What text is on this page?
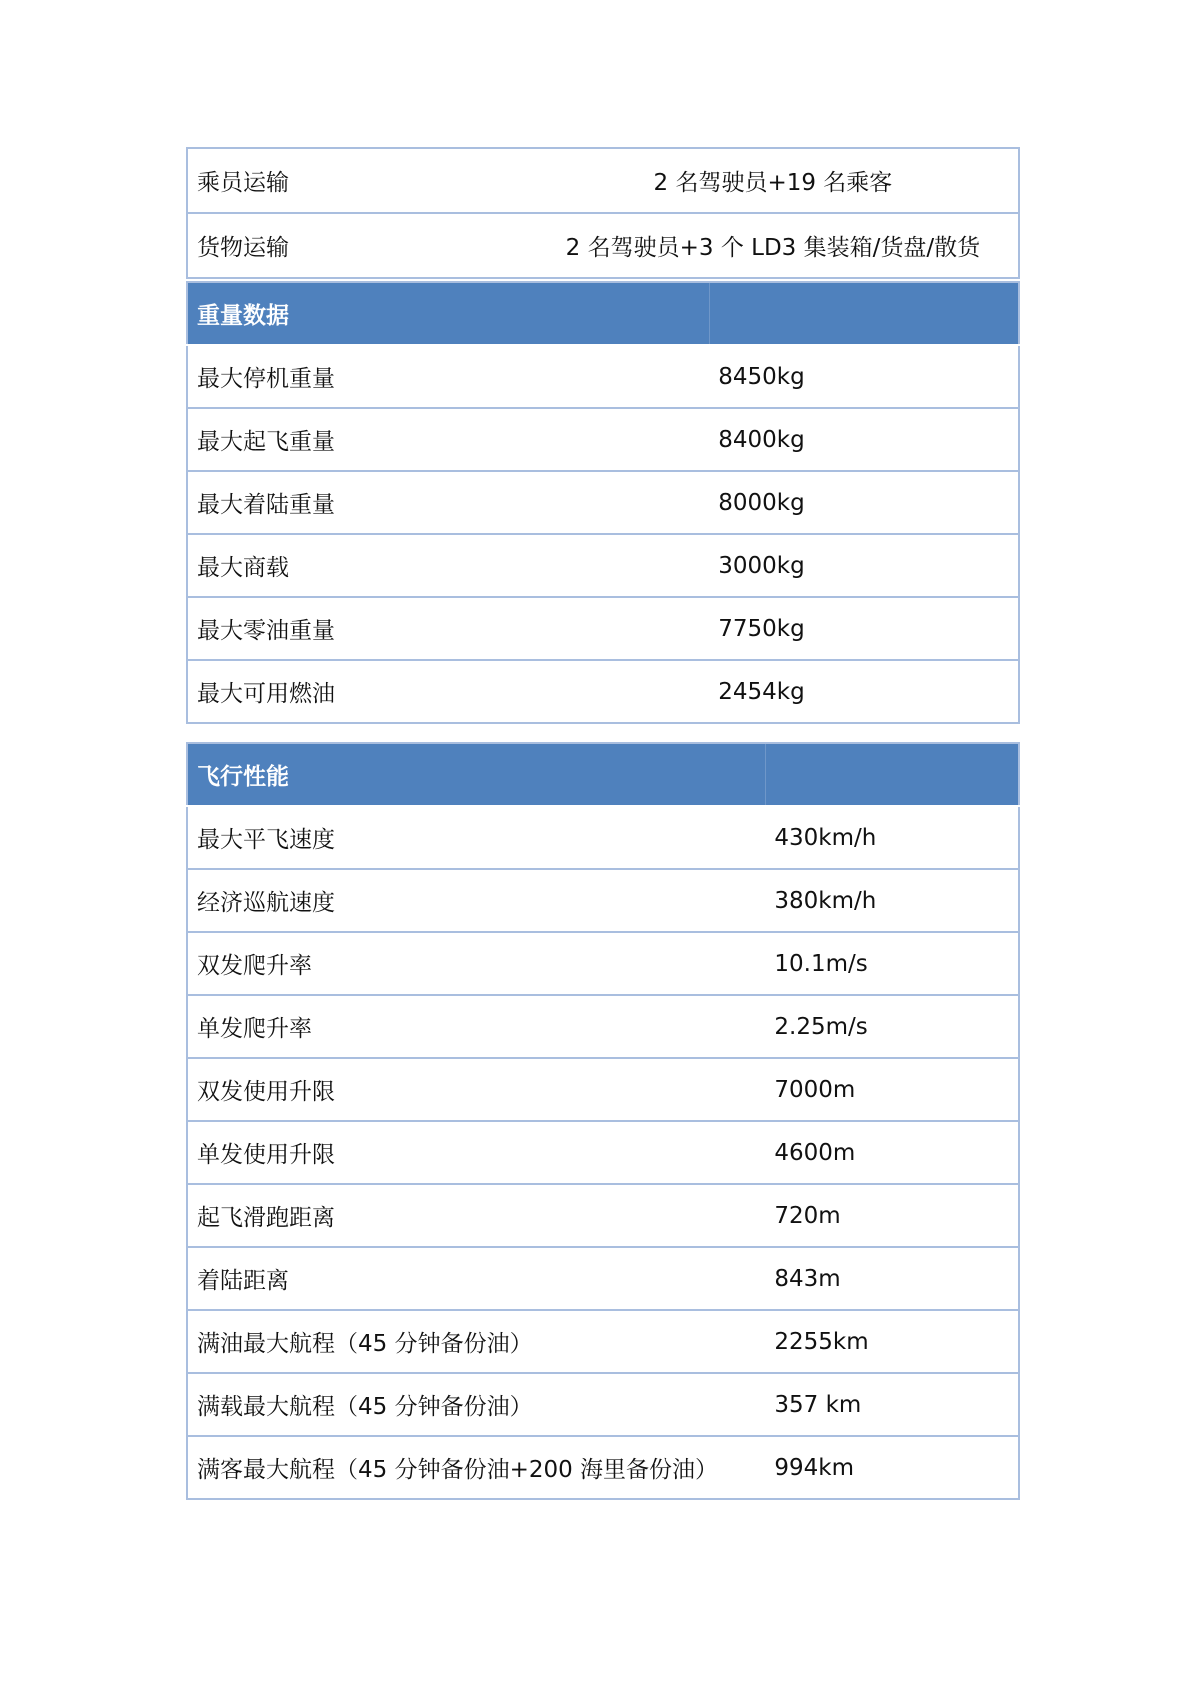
乘员运输	2 名驾驶员+19 名乘客
货物运输	2 名驾驶员+3 个 LD3 集装箱/货盘/散货
重量数据	
最大停机重量	8450kg
最大起飞重量	8400kg
最大着陆重量	8000kg
最大商载	3000kg
最大零油重量	7750kg
最大可用燃油	2454kg
飞行性能	
最大平飞速度	430km/h
经济巡航速度	380km/h
双发爬升率	10.1m/s
单发爬升率	2.25m/s
双发使用升限	7000m
单发使用升限	4600m
起飞滑跑距离	720m
着陆距离	843m
满油最大航程（45 分钟备份油）	2255km
满载最大航程（45 分钟备份油）	357 km
满客最大航程（45 分钟备份油+200 海里备份油）	994km
